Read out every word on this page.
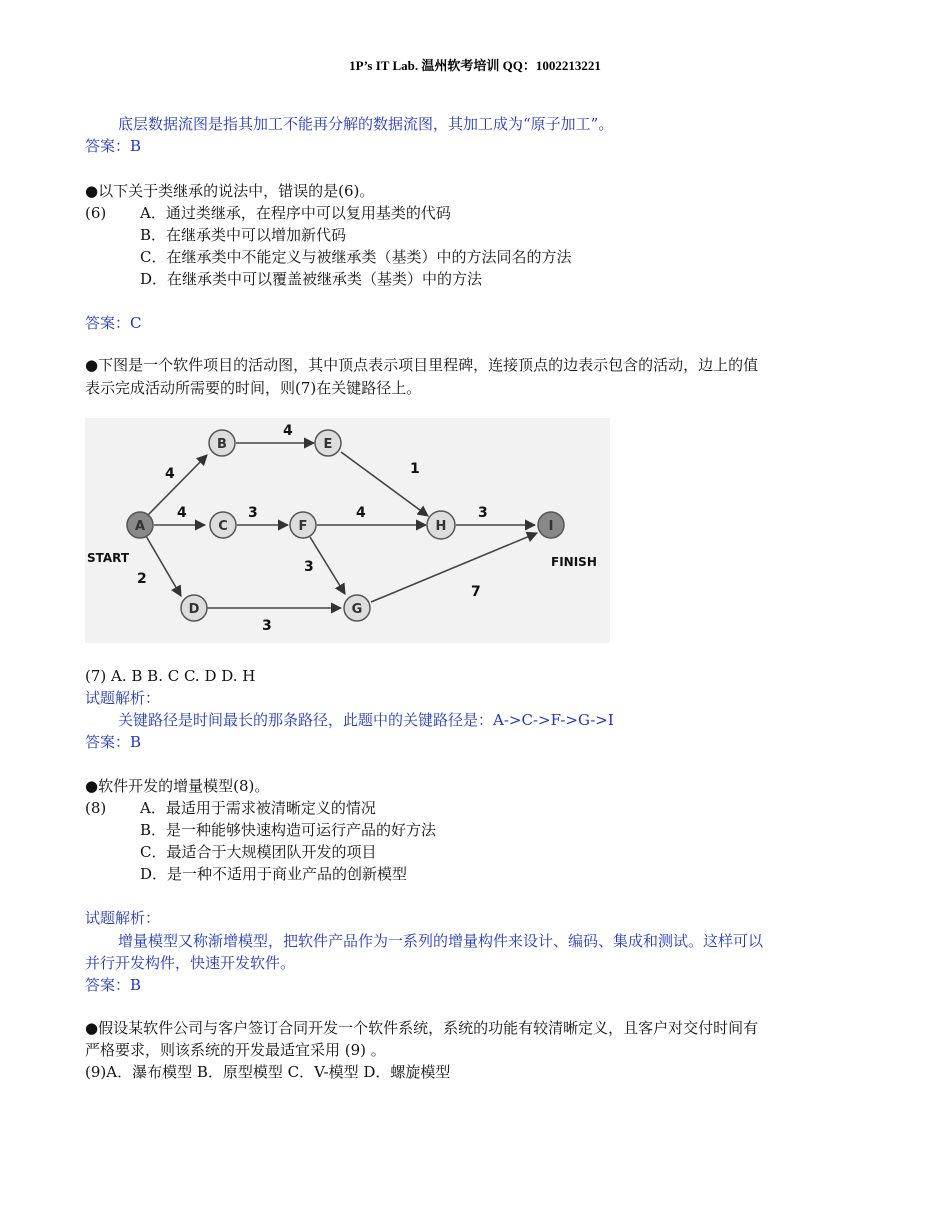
1P’s IT Lab. 温州软考培训 QQ：1002213221
底层数据流图是指其加工不能再分解的数据流图，其加工成为“原子加工”。
答案：B
●以下关于类继承的说法中，错误的是(6)。
(6) A．通过类继承，在程序中可以复用基类的代码
B．在继承类中可以增加新代码
C．在继承类中不能定义与被继承类（基类）中的方法同名的方法
D．在继承类中可以覆盖被继承类（基类）中的方法
答案：C
●下图是一个软件项目的活动图，其中顶点表示项目里程碑，连接顶点的边表示包含的活动，边上的值
表示完成活动所需要的时间，则(7)在关键路径上。
4
4
2
4
3
1
4
3
3
3
7
START	FINISH
A
B
C
D
E
F
G
H	I
(7) A. B B. C C. D D. H
试题解析：
关键路径是时间最长的那条路径，此题中的关键路径是：A->C->F->G->I
答案：B
●软件开发的增量模型(8)。
(8) A．最适用于需求被清晰定义的情况
B．是一种能够快速构造可运行产品的好方法
C．最适合于大规模团队开发的项目
D．是一种不适用于商业产品的创新模型
试题解析：
增量模型又称渐增模型，把软件产品作为一系列的增量构件来设计、编码、集成和测试。这样可以
并行开发构件，快速开发软件。
答案：B
●假设某软件公司与客户签订合同开发一个软件系统，系统的功能有较清晰定义，且客户对交付时间有
严格要求，则该系统的开发最适宜采用 (9) 。
(9)A．瀑布模型 B．原型模型 C．V-模型 D．螺旋模型
